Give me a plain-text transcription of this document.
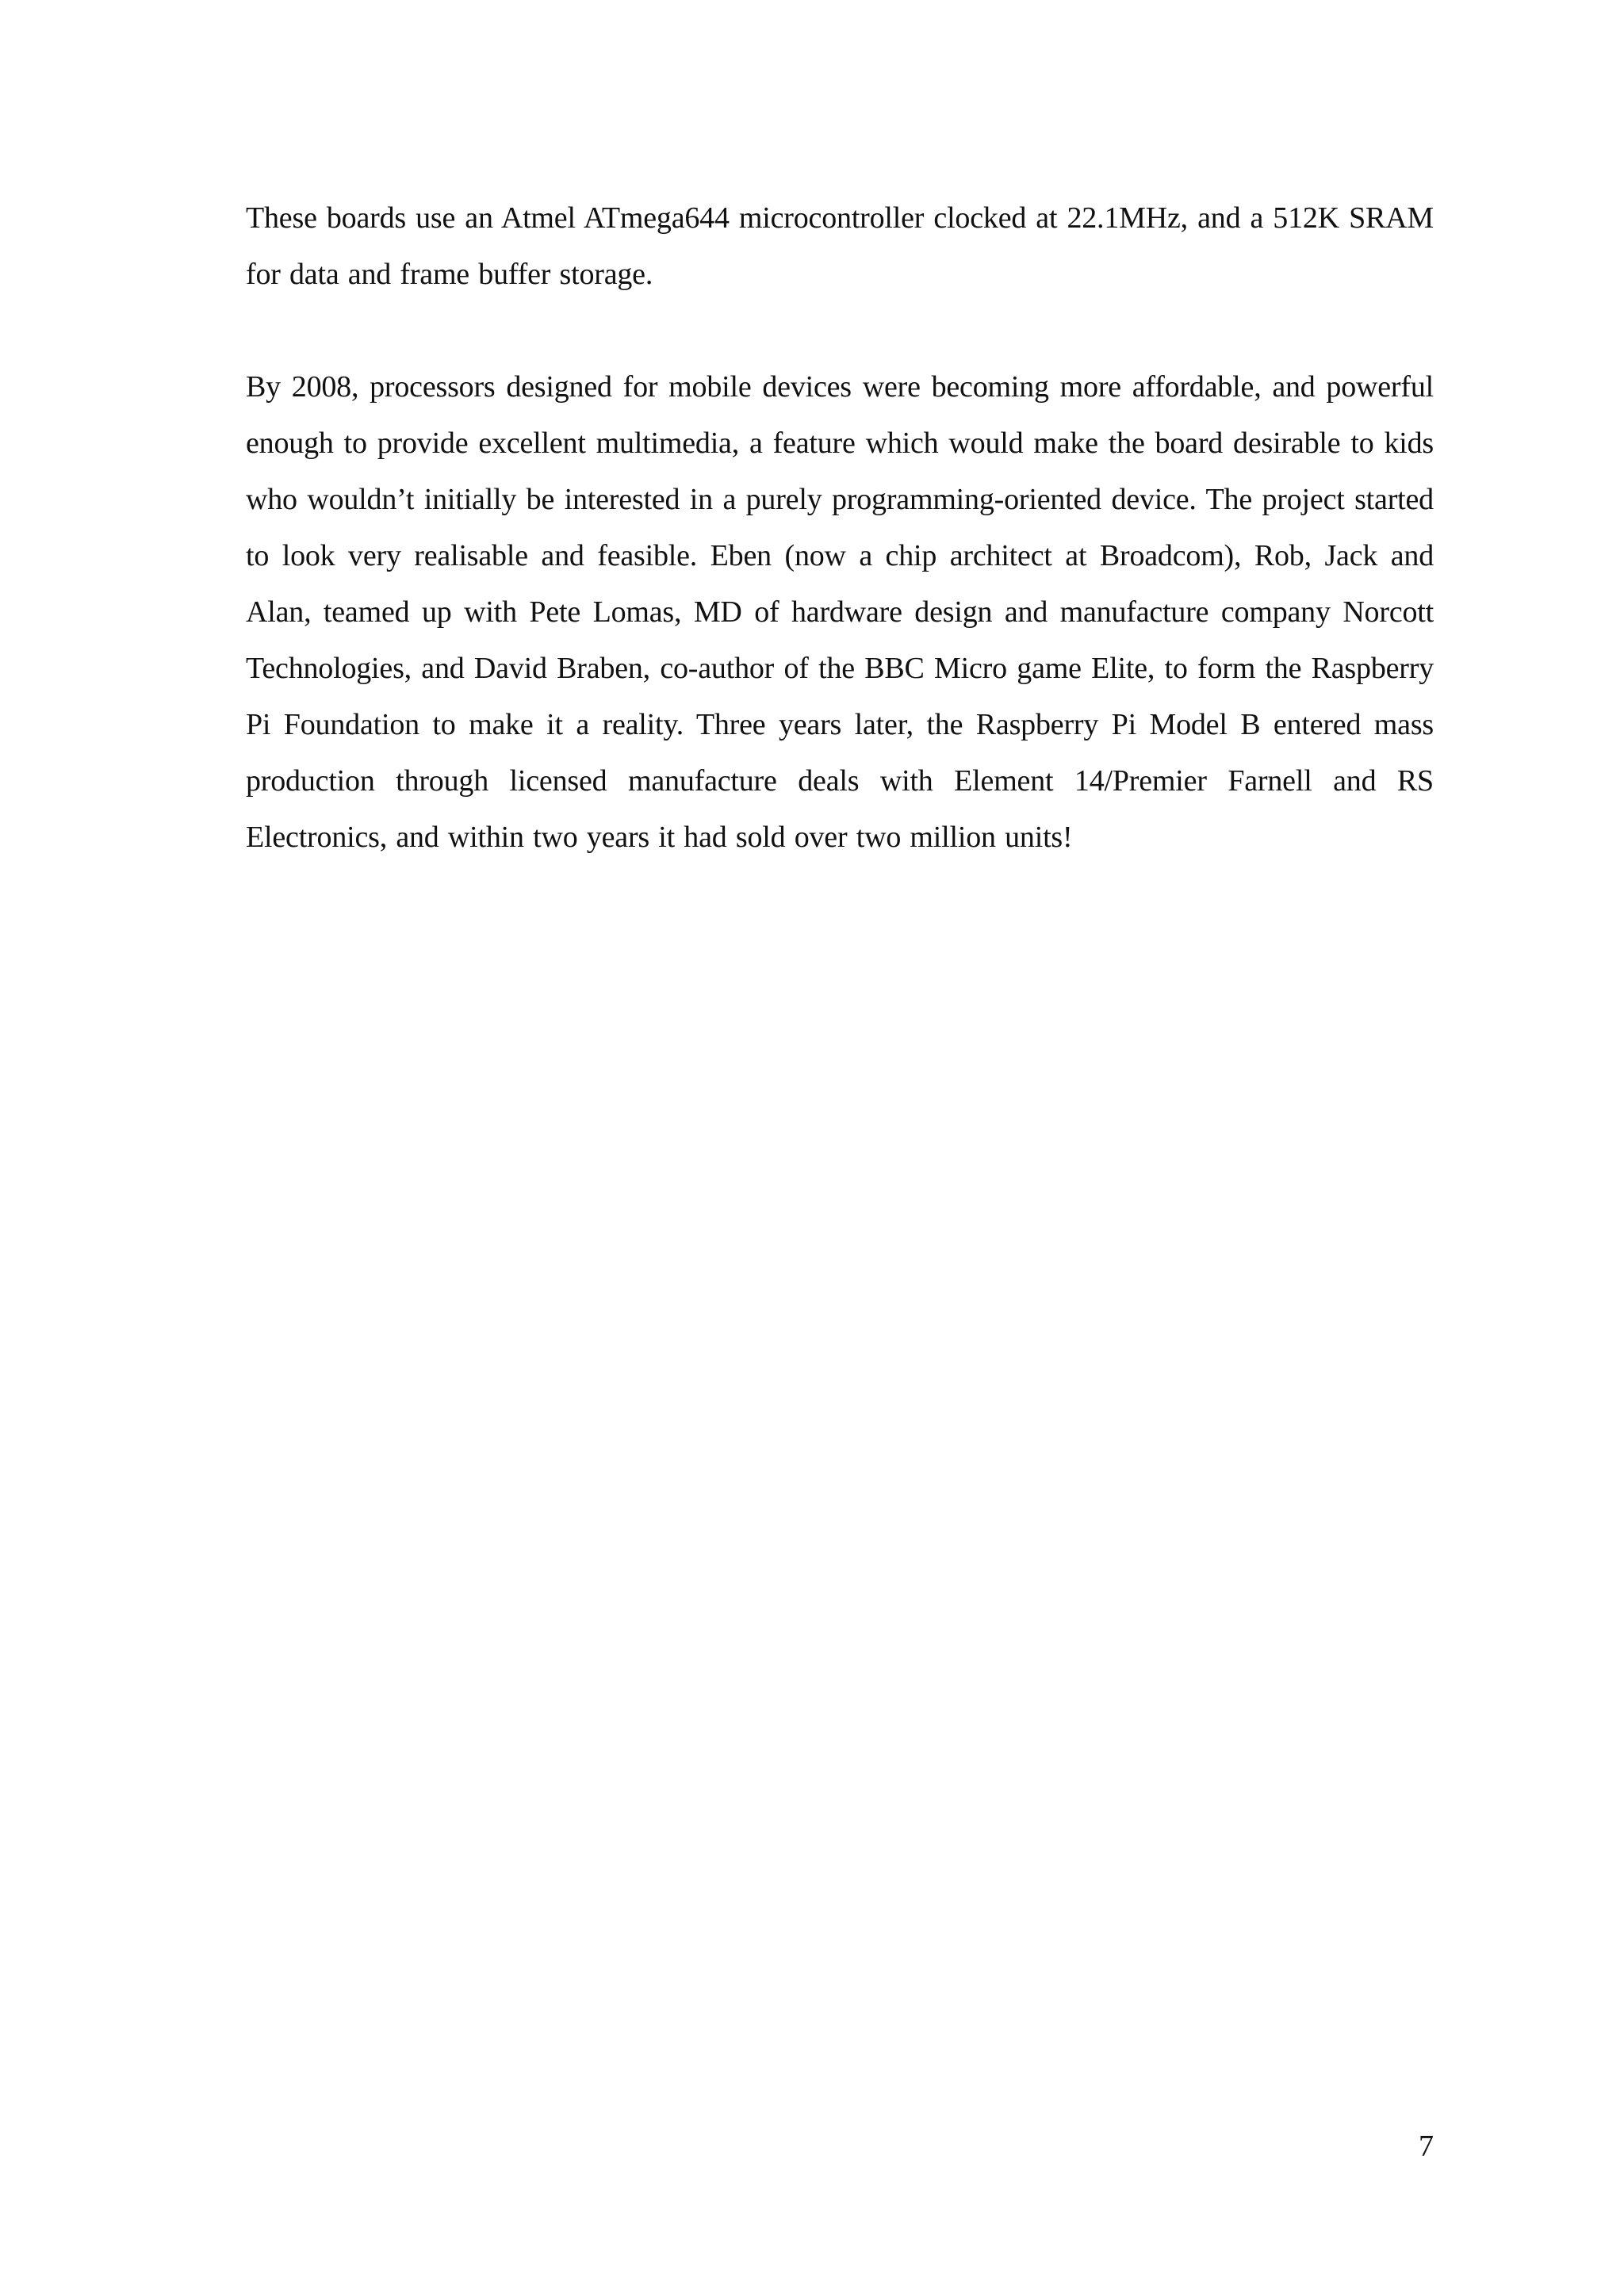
These boards use an Atmel ATmega644 microcontroller clocked at 22.1MHz, and a 512K SRAM for data and frame buffer storage.

By 2008, processors designed for mobile devices were becoming more affordable, and powerful enough to provide excellent multimedia, a feature which would make the board desirable to kids who wouldn’t initially be interested in a purely programming-oriented device. The project started to look very realisable and feasible. Eben (now a chip architect at Broadcom), Rob, Jack and Alan, teamed up with Pete Lomas, MD of hardware design and manufacture company Norcott Technologies, and David Braben, co-author of the BBC Micro game Elite, to form the Raspberry Pi Foundation to make it a reality. Three years later, the Raspberry Pi Model B entered mass production through licensed manufacture deals with Element 14/Premier Farnell and RS Electronics, and within two years it had sold over two million units!

7
